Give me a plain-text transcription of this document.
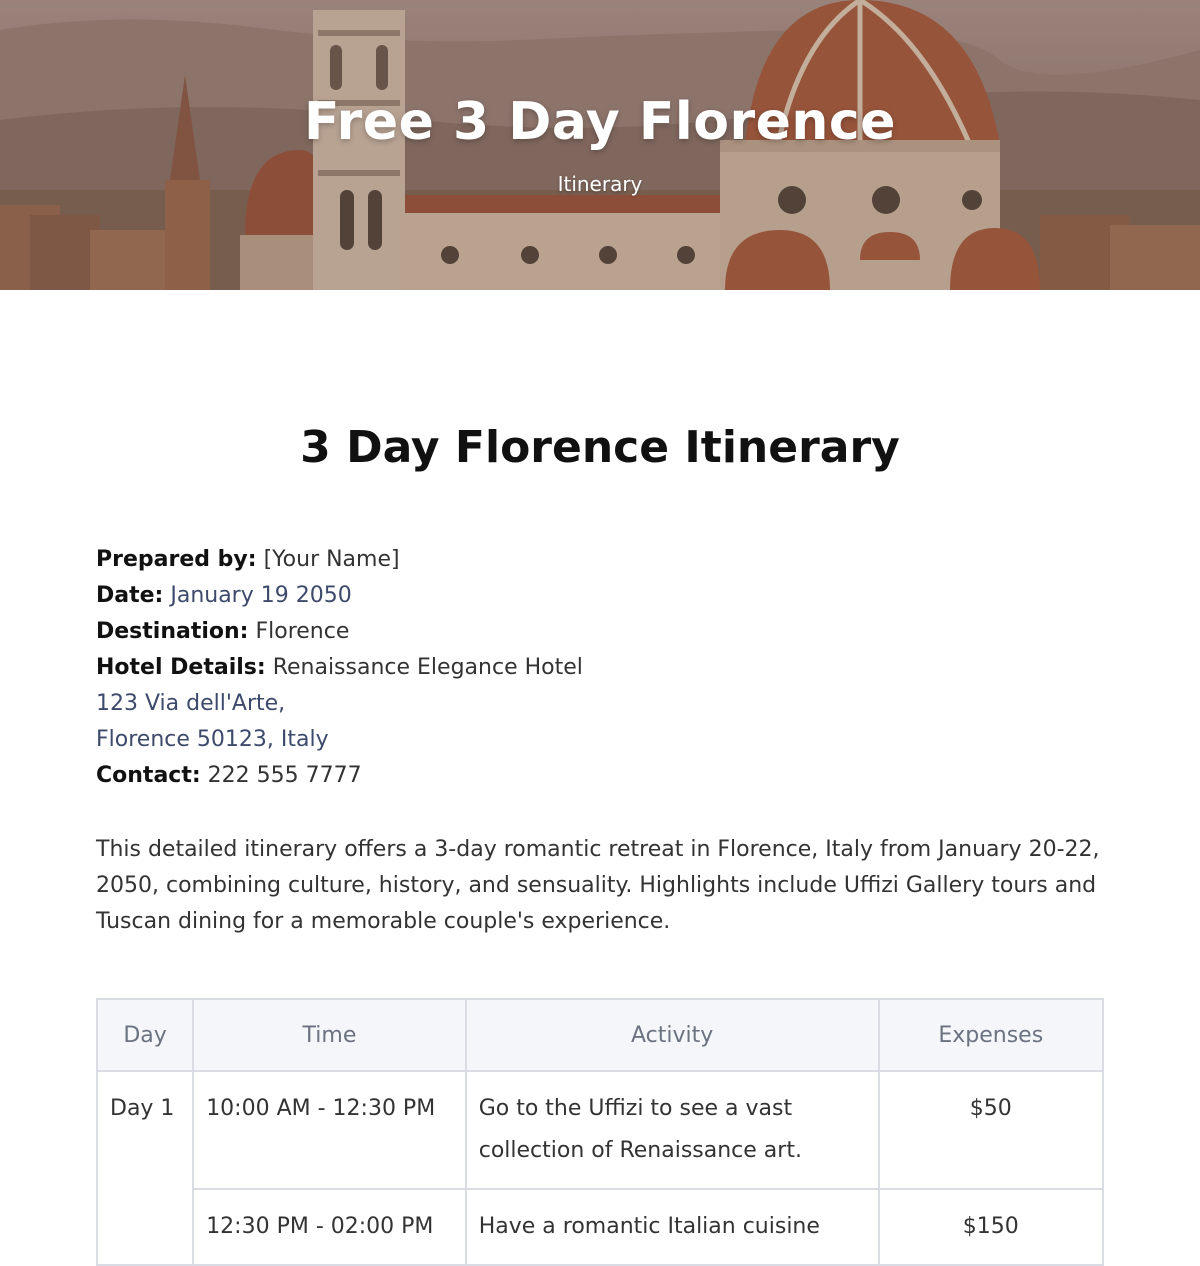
Free 3 Day Florence
Itinerary
3 Day Florence Itinerary
Prepared by: [Your Name]
Date: January 19 2050
Destination: Florence
Hotel Details: Renaissance Elegance Hotel
123 Via dell'Arte,
Florence 50123, Italy
Contact: 222 555 7777

This detailed itinerary offers a 3-day romantic retreat in Florence, Italy from January 20-22, 2050, combining culture, history, and sensuality. Highlights include Uffizi Gallery tours and Tuscan dining for a memorable couple's experience.

Day	Time	Activity	Expenses
Day 1	10:00 AM - 12:30 PM	Go to the Uffizi to see a vast collection of Renaissance art.	$50
	12:30 PM - 02:00 PM	Have a romantic Italian cuisine	$150
